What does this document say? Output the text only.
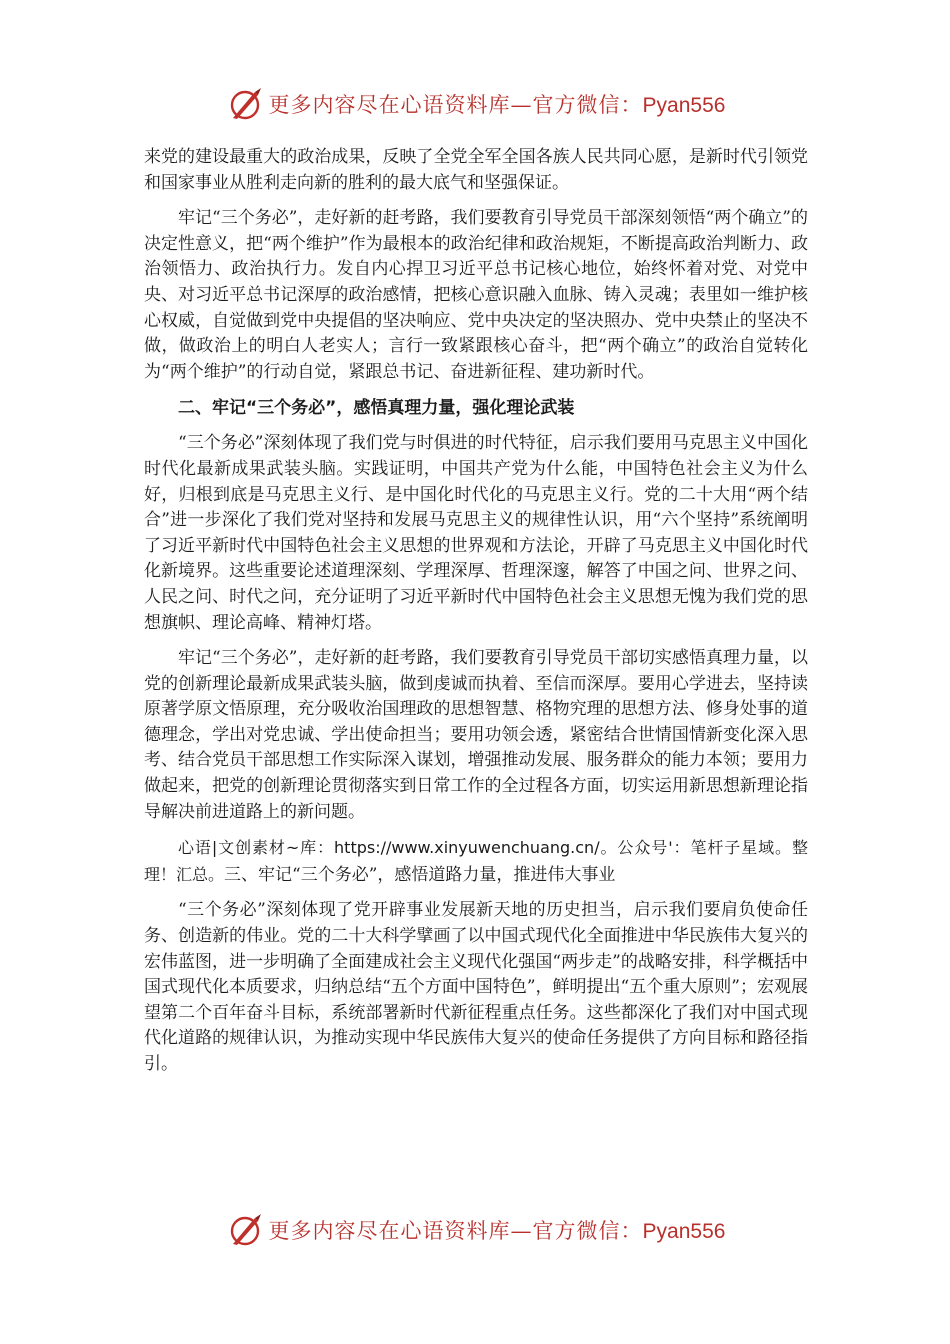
更多内容尽在心语资料库—官方微信：Pyan556

来党的建设最重大的政治成果，反映了全党全军全国各族人民共同心愿，是新时代引领党和国家事业从胜利走向新的胜利的最大底气和坚强保证。

牢记“三个务必”，走好新的赶考路，我们要教育引导党员干部深刻领悟“两个确立”的决定性意义，把“两个维护”作为最根本的政治纪律和政治规矩，不断提高政治判断力、政治领悟力、政治执行力。发自内心捍卫习近平总书记核心地位，始终怀着对党、对党中央、对习近平总书记深厚的政治感情，把核心意识融入血脉、铸入灵魂；表里如一维护核心权威，自觉做到党中央提倡的坚决响应、党中央决定的坚决照办、党中央禁止的坚决不做，做政治上的明白人老实人；言行一致紧跟核心奋斗，把“两个确立”的政治自觉转化为“两个维护”的行动自觉，紧跟总书记、奋进新征程、建功新时代。

二、牢记“三个务必”，感悟真理力量，强化理论武装

“三个务必”深刻体现了我们党与时俱进的时代特征，启示我们要用马克思主义中国化时代化最新成果武装头脑。实践证明，中国共产党为什么能，中国特色社会主义为什么好，归根到底是马克思主义行、是中国化时代化的马克思主义行。党的二十大用“两个结合”进一步深化了我们党对坚持和发展马克思主义的规律性认识，用“六个坚持”系统阐明了习近平新时代中国特色社会主义思想的世界观和方法论，开辟了马克思主义中国化时代化新境界。这些重要论述道理深刻、学理深厚、哲理深邃，解答了中国之问、世界之问、人民之问、时代之问，充分证明了习近平新时代中国特色社会主义思想无愧为我们党的思想旗帜、理论高峰、精神灯塔。

牢记“三个务必”，走好新的赶考路，我们要教育引导党员干部切实感悟真理力量，以党的创新理论最新成果武装头脑，做到虔诚而执着、至信而深厚。要用心学进去，坚持读原著学原文悟原理，充分吸收治国理政的思想智慧、格物究理的思想方法、修身处事的道德理念，学出对党忠诚、学出使命担当；要用功领会透，紧密结合世情国情新变化深入思考、结合党员干部思想工作实际深入谋划，增强推动发展、服务群众的能力本领；要用力做起来，把党的创新理论贯彻落实到日常工作的全过程各方面，切实运用新思想新理论指导解决前进道路上的新问题。

心语|文创素材~库：https://www.xinyuwenchuang.cn/。公众号'：笔杆子星域。整理！汇总。三、牢记“三个务必”，感悟道路力量，推进伟大事业

“三个务必”深刻体现了党开辟事业发展新天地的历史担当，启示我们要肩负使命任务、创造新的伟业。党的二十大科学擘画了以中国式现代化全面推进中华民族伟大复兴的宏伟蓝图，进一步明确了全面建成社会主义现代化强国“两步走”的战略安排，科学概括中国式现代化本质要求，归纳总结“五个方面中国特色”，鲜明提出“五个重大原则”；宏观展望第二个百年奋斗目标，系统部署新时代新征程重点任务。这些都深化了我们对中国式现代化道路的规律认识，为推动实现中华民族伟大复兴的使命任务提供了方向目标和路径指引。

更多内容尽在心语资料库—官方微信：Pyan556
